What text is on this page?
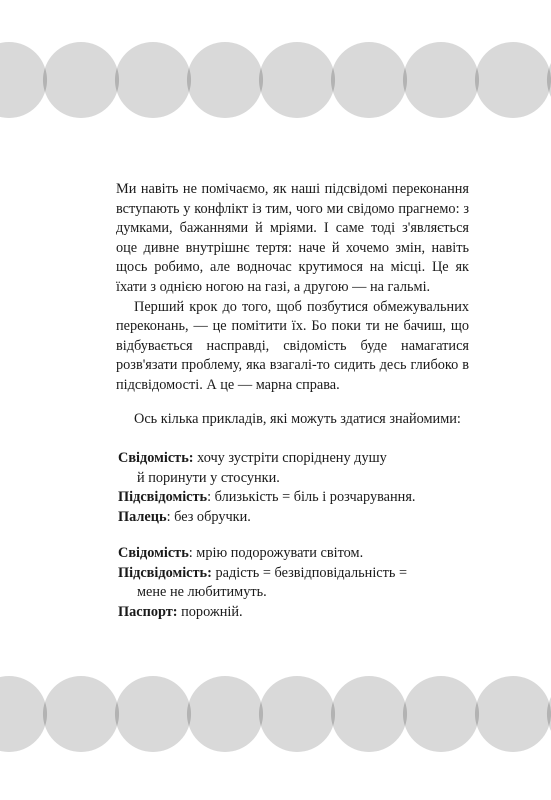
Ми навіть не помічаємо, як наші підсвідомі переконання вступають у конфлікт із тим, чого ми свідомо прагнемо: з думками, бажаннями й мріями. І саме тоді з'являється оце дивне внутрішнє тертя: наче й хочемо змін, навіть щось робимо, але водночас крутимося на місці. Це як їхати з однією ногою на газі, а другою — на гальмі.

Перший крок до того, щоб позбутися обмежувальних переконань, — це помітити їх. Бо поки ти не бачиш, що відбувається насправді, свідомість буде намагатися розв'язати проблему, яка взагалі-то сидить десь глибоко в підсвідомості. А це — марна справа.

Ось кілька прикладів, які можуть здатися знайомими:
Свідомість: хочу зустріти споріднену душу
й поринути у стосунки.
Підсвідомість: близькість = біль і розчарування.
Палець: без обручки.
Свідомість: мрію подорожувати світом.
Підсвідомість: радість = безвідповідальність =
мене не любитимуть.
Паспорт: порожній.
